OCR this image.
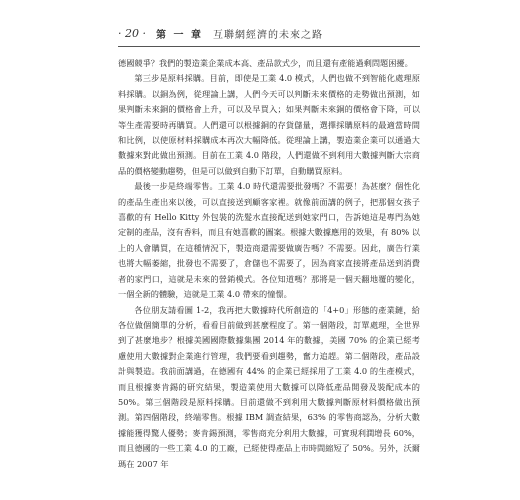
· 20 · 第 一 章 互聯網經濟的未來之路

德國競爭？我們的製造業企業成本高、產品款式少，而且還有產能過剩問題困擾。

第三步是原料採購。目前，即使是工業 4.0 模式，人們也做不到智能化處理原料採購。以銅為例，從理論上講，人們今天可以判斷未來價格的走勢做出預測，如果判斷未來銅的價格會上升，可以及早買入；如果判斷未來銅的價格會下降，可以等生產需要時再購買。人們還可以根據銅的存貨儲量，選擇採購原料的最適當時間和比例，以使原材料採購成本再次大幅降低。從理論上講，製造業企業可以通過大數據來對此做出預測。目前在工業 4.0 階段，人們還做不到利用大數據判斷大宗商品的價格變動趨勢，但是可以做到自動下訂單，自動購買原料。

最後一步是終端零售。工業 4.0 時代還需要批發嗎？不需要！為甚麼？個性化的產品生產出來以後，可以直接送到顧客家裡。就像前面講的例子，把那個女孩子喜歡的有 Hello Kitty 外包裝的洗髮水直接配送到她家門口，告訴她這是專門為她定制的產品，沒有香料，而且有她喜歡的圖案。根據大數據應用的效果，有 80% 以上的人會購買，在這種情況下，製造商還需要做廣告嗎？不需要。因此，廣告行業也將大幅萎縮，批發也不需要了，倉儲也不需要了，因為商家直接將產品送到消費者的家門口，這就是未來的營銷模式。各位知道嗎？那將是一個天翻地覆的變化，一個全新的體驗，這就是工業 4.0 帶來的憧憬。

各位朋友請看圖 1-2，我再把大數據時代所創造的「4+0」形態的產業鏈，給各位做個簡單的分析，看看目前做到甚麼程度了。第一個階段，訂單處理，全世界到了甚麼地步？根據美國國際數據集團 2014 年的數據，美國 70% 的企業已經考慮使用大數據對企業進行管理，我們要看到趨勢，奮力追趕。第二個階段，產品設計與製造。我前面講過，在德國有 44% 的企業已經採用了工業 4.0 的生產模式，而且根據麥肯錫的研究結果，製造業使用大數據可以降低產品開發及裝配成本的 50%。第三個階段是原料採購。目前還做不到利用大數據判斷原材料價格做出預測。第四個階段，終端零售。根據 IBM 調查結果，63% 的零售商認為，分析大數據能獲得驚人優勢；麥肯錫預測，零售商充分利用大數據，可實現利潤增長 60%，而且德國的一些工業 4.0 的工廠，已經使得產品上市時間縮短了 50%。另外，沃爾瑪在 2007 年
